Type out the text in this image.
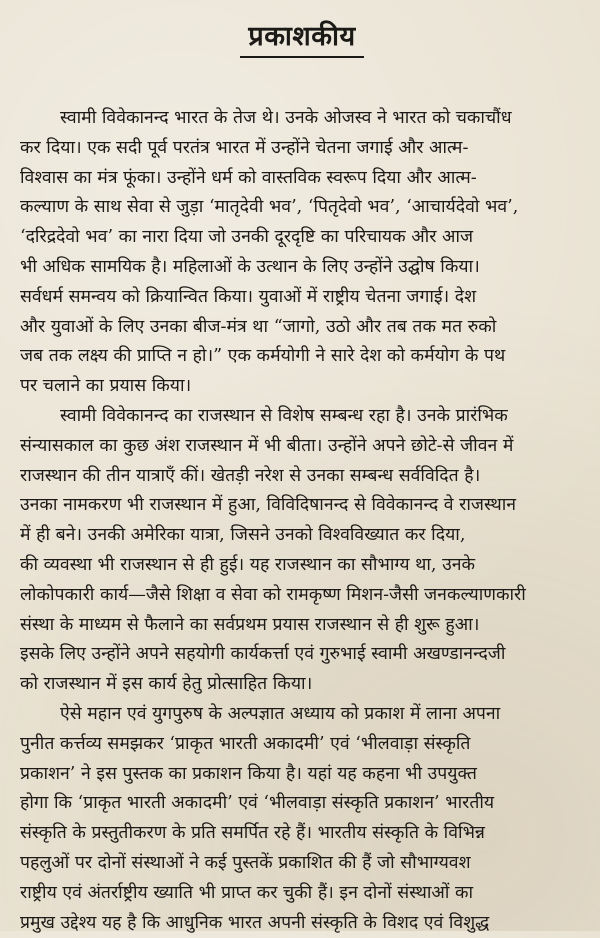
प्रकाशकीय
स्वामी विवेकानन्द भारत के तेज थे। उनके ओजस्व ने भारत को चकाचौंध
कर दिया। एक सदी पूर्व परतंत्र भारत में उन्होंने चेतना जगाई और आत्म-
विश्वास का मंत्र फूंका। उन्होंने धर्म को वास्तविक स्वरूप दिया और आत्म-
कल्याण के साथ सेवा से जुड़ा ‘मातृदेवी भव’, ‘पितृदेवो भव’, ‘आचार्यदेवो भव’,
‘दरिद्रदेवो भव’ का नारा दिया जो उनकी दूरदृष्टि का परिचायक और आज
भी अधिक सामयिक है। महिलाओं के उत्थान के लिए उन्होंने उद्घोष किया।
सर्वधर्म समन्वय को क्रियान्वित किया। युवाओं में राष्ट्रीय चेतना जगाई। देश
और युवाओं के लिए उनका बीज-मंत्र था “जागो, उठो और तब तक मत रुको
जब तक लक्ष्य की प्राप्ति न हो।” एक कर्मयोगी ने सारे देश को कर्मयोग के पथ
पर चलाने का प्रयास किया।
स्वामी विवेकानन्द का राजस्थान से विशेष सम्बन्ध रहा है। उनके प्रारंभिक
संन्यासकाल का कुछ अंश राजस्थान में भी बीता। उन्होंने अपने छोटे-से जीवन में
राजस्थान की तीन यात्राएँ कीं। खेतड़ी नरेश से उनका सम्बन्ध सर्वविदित है।
उनका नामकरण भी राजस्थान में हुआ, विविदिषानन्द से विवेकानन्द वे राजस्थान
में ही बने। उनकी अमेरिका यात्रा, जिसने उनको विश्वविख्यात कर दिया,
की व्यवस्था भी राजस्थान से ही हुई। यह राजस्थान का सौभाग्य था, उनके
लोकोपकारी कार्य—जैसे शिक्षा व सेवा को रामकृष्ण मिशन-जैसी जनकल्याणकारी
संस्था के माध्यम से फैलाने का सर्वप्रथम प्रयास राजस्थान से ही शुरू हुआ।
इसके लिए उन्होंने अपने सहयोगी कार्यकर्त्ता एवं गुरुभाई स्वामी अखण्डानन्दजी
को राजस्थान में इस कार्य हेतु प्रोत्साहित किया।
ऐसे महान एवं युगपुरुष के अल्पज्ञात अध्याय को प्रकाश में लाना अपना
पुनीत कर्त्तव्य समझकर ‘प्राकृत भारती अकादमी’ एवं ‘भीलवाड़ा संस्कृति
प्रकाशन’ ने इस पुस्तक का प्रकाशन किया है। यहां यह कहना भी उपयुक्त
होगा कि ‘प्राकृत भारती अकादमी’ एवं ‘भीलवाड़ा संस्कृति प्रकाशन’ भारतीय
संस्कृति के प्रस्तुतीकरण के प्रति समर्पित रहे हैं। भारतीय संस्कृति के विभिन्न
पहलुओं पर दोनों संस्थाओं ने कई पुस्तकें प्रकाशित की हैं जो सौभाग्यवश
राष्ट्रीय एवं अंतर्राष्ट्रीय ख्याति भी प्राप्त कर चुकी हैं। इन दोनों संस्थाओं का
प्रमुख उद्देश्य यह है कि आधुनिक भारत अपनी संस्कृति के विशद एवं विशुद्ध
